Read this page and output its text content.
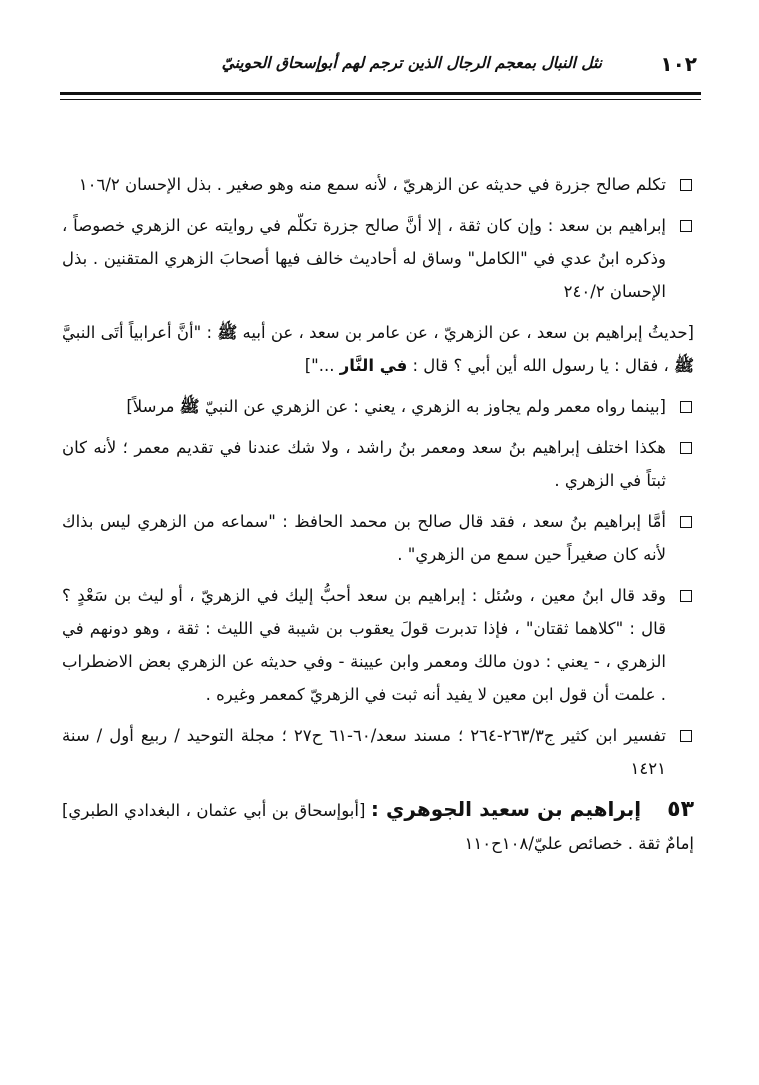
١٠٢
نثل النبال بمعجم الرجال الذين ترجم لهم أبوإسحاق الحوينيّ
تكلم صالح جزرة في حديثه عن الزهريّ ، لأنه سمع منه وهو صغير . بذل الإحسان ١٠٦/٢
إبراهيم بن سعد : وإن كان ثقة ، إلا أنَّ صالح جزرة تكلّم في روايته عن الزهري خصوصاً ، وذكره ابنُ عدي في "الكامل" وساق له أحاديث خالف فيها أصحابَ الزهري المتقنين . بذل الإحسان ٢٤٠/٢
[حديثُ إبراهيم بن سعد ، عن الزهريّ ، عن عامر بن سعد ، عن أبيه ﷺ : "أنَّ أعرابياً أتَى النبيَّ ﷺ ، فقال : يا رسول الله أين أبي ؟ قال : في النَّار ..."]
[بينما رواه معمر ولم يجاوز به الزهري ، يعني : عن الزهري عن النبيّ ﷺ مرسلاً]
هكذا اختلف إبراهيم بنُ سعد ومعمر بنُ راشد ، ولا شك عندنا في تقديم معمر ؛ لأنه كان ثبتاً في الزهري .
أمَّا إبراهيم بنُ سعد ، فقد قال صالح بن محمد الحافظ : "سماعه من الزهري ليس بذاك لأنه كان صغيراً حين سمع من الزهري" .
وقد قال ابنُ معين ، وسُئل : إبراهيم بن سعد أحبُّ إليك في الزهريّ ، أو ليث بن سَعْدٍ ؟ قال : "كلاهما ثقتان" ، فإذا تدبرت قولَ يعقوب بن شيبة في الليث : ثقة ، وهو دونهم في الزهري ، - يعني : دون مالك ومعمر وابن عيينة - وفي حديثه عن الزهري بعض الاضطراب . علمت أن قول ابن معين لا يفيد أنه ثبت في الزهريّ كمعمر وغيره .
تفسير ابن كثير ج٢٦٣/٣-٢٦٤ ؛ مسند سعد/٦٠-٦١ ح٢٧ ؛ مجلة التوحيد / ربيع أول / سنة ١٤٢١
٥٣إبراهيم بن سعيد الجوهري : [أبوإسحاق بن أبي عثمان ، البغدادي الطبري] إمامٌ ثقة . خصائص عليّ/١٠٨ح١١٠
